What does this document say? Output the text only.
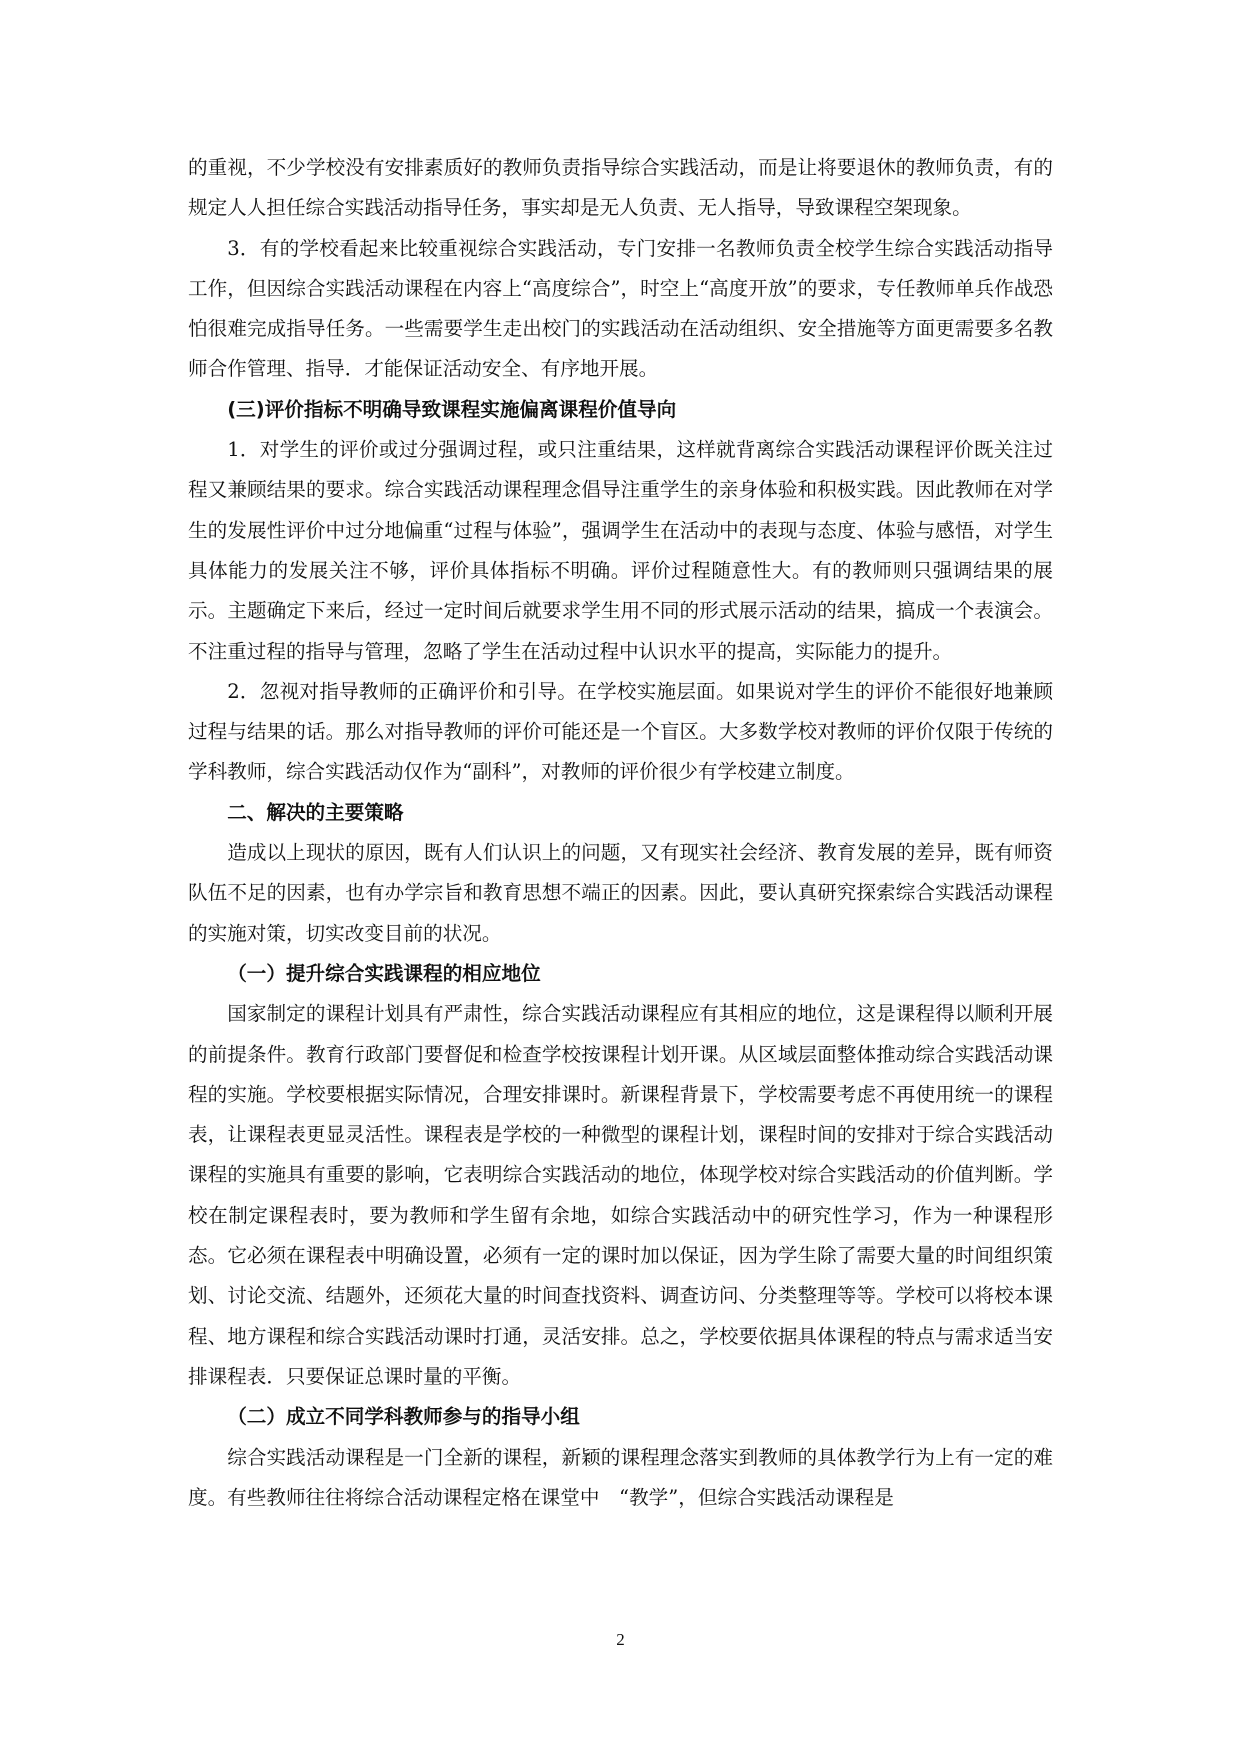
的重视，不少学校没有安排素质好的教师负责指导综合实践活动，而是让将要退休的教师负责，有的规定人人担任综合实践活动指导任务，事实却是无人负责、无人指导，导致课程空架现象。

3．有的学校看起来比较重视综合实践活动，专门安排一名教师负责全校学生综合实践活动指导工作，但因综合实践活动课程在内容上“高度综合”，时空上“高度开放”的要求，专任教师单兵作战恐怕很难完成指导任务。一些需要学生走出校门的实践活动在活动组织、安全措施等方面更需要多名教师合作管理、指导．才能保证活动安全、有序地开展。

(三)评价指标不明确导致课程实施偏离课程价值导向

1．对学生的评价或过分强调过程，或只注重结果，这样就背离综合实践活动课程评价既关注过程又兼顾结果的要求。综合实践活动课程理念倡导注重学生的亲身体验和积极实践。因此教师在对学生的发展性评价中过分地偏重“过程与体验”，强调学生在活动中的表现与态度、体验与感悟，对学生具体能力的发展关注不够，评价具体指标不明确。评价过程随意性大。有的教师则只强调结果的展示。主题确定下来后，经过一定时间后就要求学生用不同的形式展示活动的结果，搞成一个表演会。不注重过程的指导与管理，忽略了学生在活动过程中认识水平的提高，实际能力的提升。

2．忽视对指导教师的正确评价和引导。在学校实施层面。如果说对学生的评价不能很好地兼顾过程与结果的话。那么对指导教师的评价可能还是一个盲区。大多数学校对教师的评价仅限于传统的学科教师，综合实践活动仅作为“副科”，对教师的评价很少有学校建立制度。

二、解决的主要策略

造成以上现状的原因，既有人们认识上的问题，又有现实社会经济、教育发展的差异，既有师资队伍不足的因素，也有办学宗旨和教育思想不端正的因素。因此，要认真研究探索综合实践活动课程的实施对策，切实改变目前的状况。

（一）提升综合实践课程的相应地位

国家制定的课程计划具有严肃性，综合实践活动课程应有其相应的地位，这是课程得以顺利开展的前提条件。教育行政部门要督促和检查学校按课程计划开课。从区域层面整体推动综合实践活动课程的实施。学校要根据实际情况，合理安排课时。新课程背景下，学校需要考虑不再使用统一的课程表，让课程表更显灵活性。课程表是学校的一种微型的课程计划，课程时间的安排对于综合实践活动课程的实施具有重要的影响，它表明综合实践活动的地位，体现学校对综合实践活动的价值判断。学校在制定课程表时，要为教师和学生留有余地，如综合实践活动中的研究性学习，作为一种课程形态。它必须在课程表中明确设置，必须有一定的课时加以保证，因为学生除了需要大量的时间组织策划、讨论交流、结题外，还须花大量的时间查找资料、调查访问、分类整理等等。学校可以将校本课程、地方课程和综合实践活动课时打通，灵活安排。总之，学校要依据具体课程的特点与需求适当安排课程表．只要保证总课时量的平衡。

（二）成立不同学科教师参与的指导小组

综合实践活动课程是一门全新的课程，新颖的课程理念落实到教师的具体教学行为上有一定的难度。有些教师往往将综合活动课程定格在课堂中　“教学”，但综合实践活动课程是

2
